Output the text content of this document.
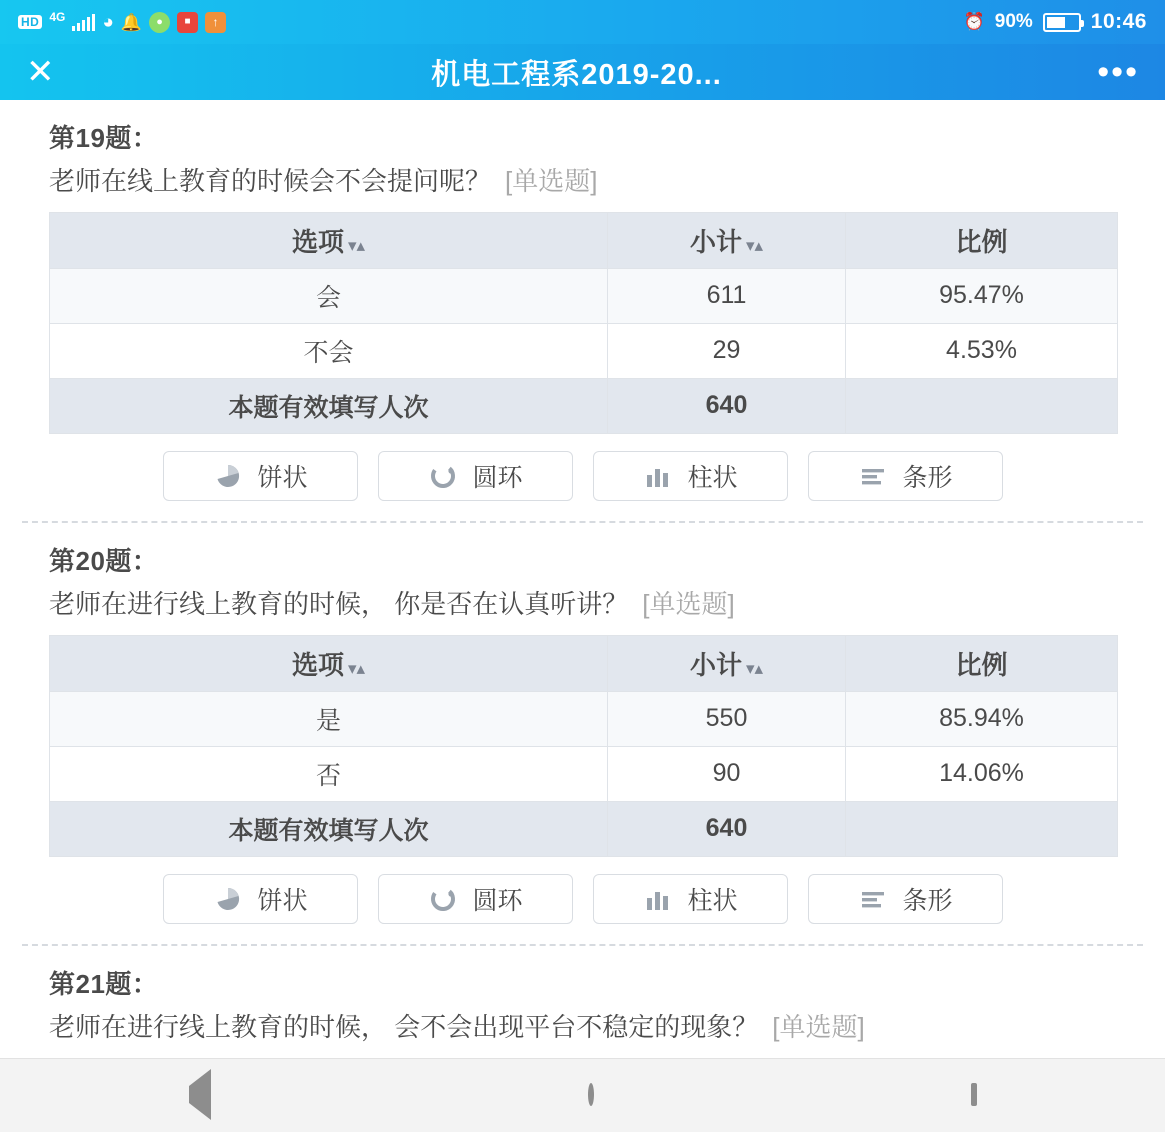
HD 4G ◕ 🔔	●	■	↑	⏰ 90%	10:46
✕	机电工程系2019-20...	•••
第19题：
老师在线上教育的时候会不会提问呢？ [单选题]
选项 ▾▴	小计 ▾▴	比例
会	611	95.47%
不会	29	4.53%
本题有效填写人次	640	
饼状	圆环	柱状	条形
第20题：
老师在进行线上教育的时候， 你是否在认真听讲？ [单选题]
选项 ▾▴	小计 ▾▴	比例
是	550	85.94%
否	90	14.06%
本题有效填写人次	640	
饼状	圆环	柱状	条形
第21题：
老师在进行线上教育的时候， 会不会出现平台不稳定的现象？ [单选题]
